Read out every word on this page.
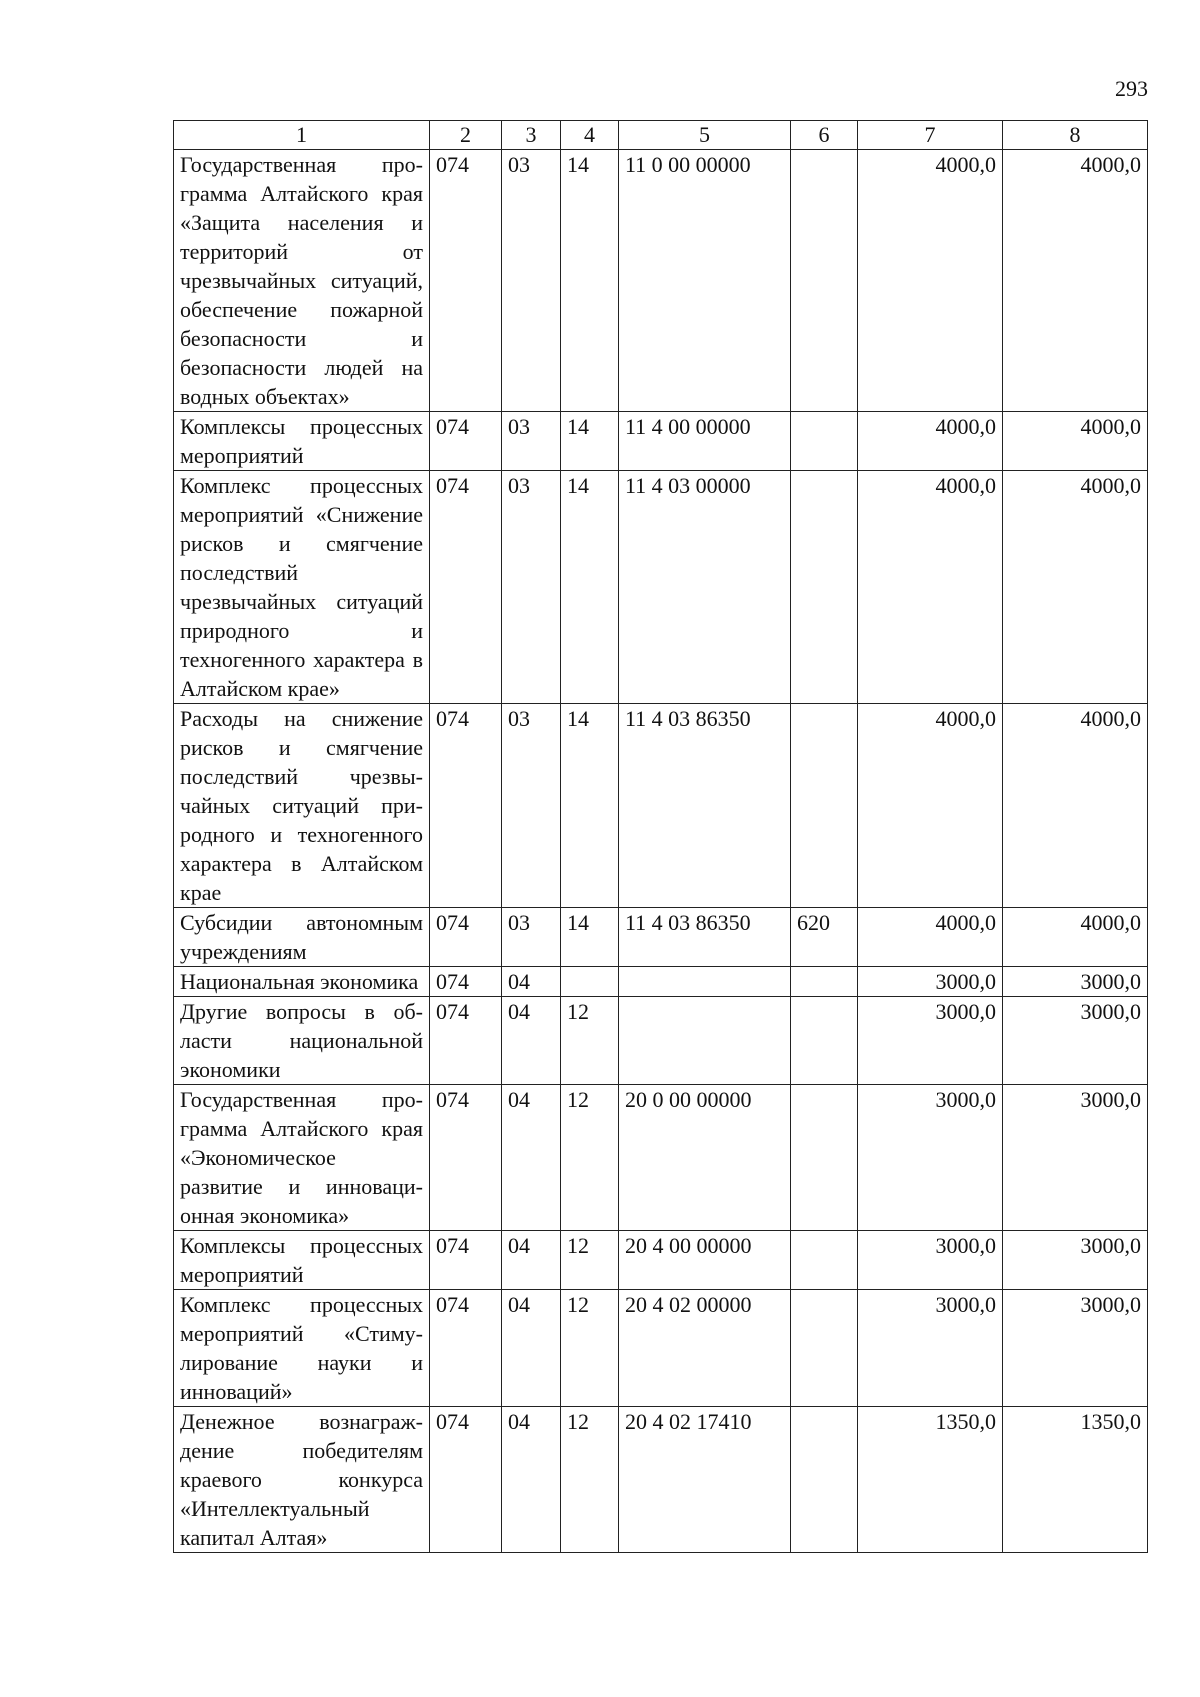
293
1	2	3	4	5	6	7	8
Государственная программа Алтайского края «Защита населения и территорий от чрезвычайных ситуаций, обеспечение пожарной безопасности и безопасности людей на водных объектах»	074	03	14	11 0 00 00000		4000,0	4000,0
Комплексы процессных мероприятий	074	03	14	11 4 00 00000		4000,0	4000,0
Комплекс процессных мероприятий «Снижение рисков и смягчение последствий чрезвычайных ситуаций природного и техногенного характера в Алтайском крае»	074	03	14	11 4 03 00000		4000,0	4000,0
Расходы на снижение рисков и смягчение последствий чрезвычайных ситуаций природного и техногенного характера в Алтайском крае	074	03	14	11 4 03 86350		4000,0	4000,0
Субсидии автономным учреждениям	074	03	14	11 4 03 86350	620	4000,0	4000,0
Национальная экономика	074	04				3000,0	3000,0
Другие вопросы в области национальной экономики	074	04	12			3000,0	3000,0
Государственная программа Алтайского края «Экономическое развитие и инновационная экономика»	074	04	12	20 0 00 00000		3000,0	3000,0
Комплексы процессных мероприятий	074	04	12	20 4 00 00000		3000,0	3000,0
Комплекс процессных мероприятий «Стимулирование науки и инноваций»	074	04	12	20 4 02 00000		3000,0	3000,0
Денежное вознаграждение победителям краевого конкурса «Интеллектуальный капитал Алтая»	074	04	12	20 4 02 17410		1350,0	1350,0
